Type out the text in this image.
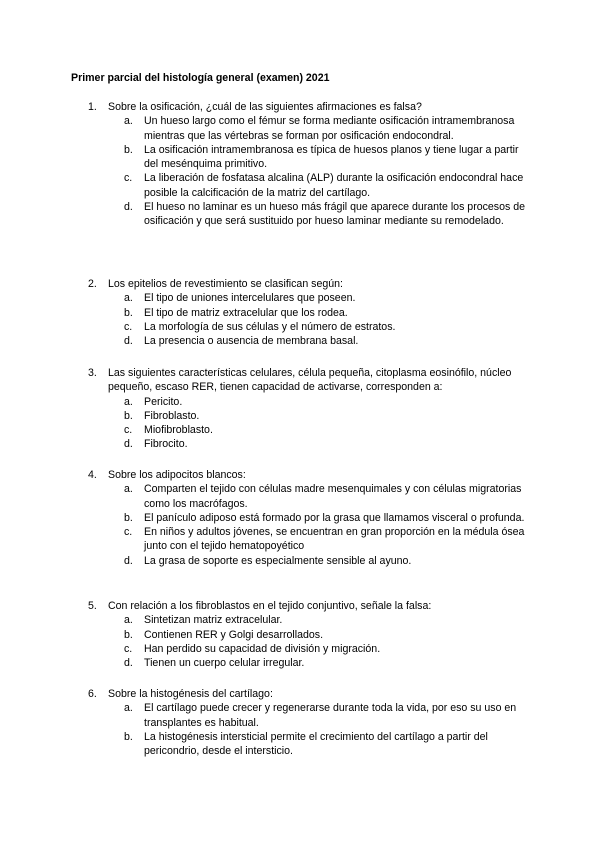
Primer parcial del histología general (examen) 2021
1.	Sobre la osificación, ¿cuál de las siguientes afirmaciones es falsa?
a.	Un hueso largo como el fémur se forma mediante osificación intramembranosa mientras que las vértebras se forman por osificación endocondral.
b.	La osificación intramembranosa es típica de huesos planos y tiene lugar a partir del mesénquima primitivo.
c.	La liberación de fosfatasa alcalina (ALP) durante la osificación endocondral hace posible la calcificación de la matriz del cartílago.
d.	El hueso no laminar es un hueso más frágil que aparece durante los procesos de osificación y que será sustituido por hueso laminar mediante su remodelado.
2.	Los epitelios de revestimiento se clasifican según:
a.	El tipo de uniones intercelulares que poseen.
b.	El tipo de matriz extracelular que los rodea.
c.	La morfología de sus células y el número de estratos.
d.	La presencia o ausencia de membrana basal.
3.	Las siguientes características celulares, célula pequeña, citoplasma eosinófilo, núcleo pequeño, escaso RER, tienen capacidad de activarse, corresponden a:
a.	Pericito.
b.	Fibroblasto.
c.	Miofibroblasto.
d.	Fibrocito.
4.	Sobre los adipocitos blancos:
a.	Comparten el tejido con células madre mesenquimales y con células migratorias como los macrófagos.
b.	El panículo adiposo está formado por la grasa que llamamos visceral o profunda.
c.	En niños y adultos jóvenes, se encuentran en gran proporción en la médula ósea junto con el tejido hematopoyético
d.	La grasa de soporte es especialmente sensible al ayuno.
5.	Con relación a los fibroblastos en el tejido conjuntivo, señale la falsa:
a.	Sintetizan matriz extracelular.
b.	Contienen RER y Golgi desarrollados.
c.	Han perdido su capacidad de división y migración.
d.	Tienen un cuerpo celular irregular.
6.	Sobre la histogénesis del cartílago:
a.	El cartílago puede crecer y regenerarse durante toda la vida, por eso su uso en transplantes es habitual.
b.	La histogénesis intersticial permite el crecimiento del cartílago a partir del pericondrio, desde el intersticio.
